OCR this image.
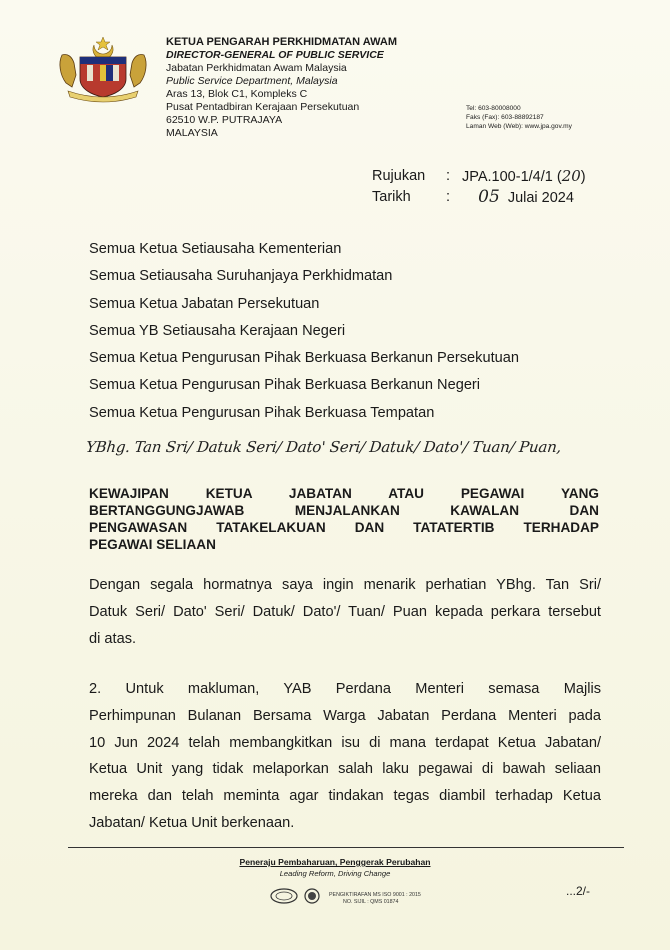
KETUA PENGARAH PERKHIDMATAN AWAM
DIRECTOR-GENERAL OF PUBLIC SERVICE
Jabatan Perkhidmatan Awam Malaysia
Public Service Department, Malaysia
Aras 13, Blok C1, Kompleks C
Pusat Pentadbiran Kerajaan Persekutuan
62510 W.P. PUTRAJAYA
MALAYSIA
Tel: 603-80008000
Faks (Fax): 603-88892187
Laman Web (Web): www.jpa.gov.my
Rujukan	: JPA.100-1/4/1 (20)
Tarikh	:	05 Julai 2024
Semua Ketua Setiausaha Kementerian
Semua Setiausaha Suruhanjaya Perkhidmatan
Semua Ketua Jabatan Persekutuan
Semua YB Setiausaha Kerajaan Negeri
Semua Ketua Pengurusan Pihak Berkuasa Berkanun Persekutuan
Semua Ketua Pengurusan Pihak Berkuasa Berkanun Negeri
Semua Ketua Pengurusan Pihak Berkuasa Tempatan
YBhg. Tan Sri/ Datuk Seri/ Dato' Seri/ Datuk/ Dato'/ Tuan/ Puan,
KEWAJIPAN KETUA JABATAN ATAU PEGAWAI YANG
BERTANGGUNGJAWAB MENJALANKAN KAWALAN DAN
PENGAWASAN TATAKELAKUAN DAN TATATERTIB TERHADAP
PEGAWAI SELIAAN
Dengan segala hormatnya saya ingin menarik perhatian YBhg. Tan Sri/
Datuk Seri/ Dato' Seri/ Datuk/ Dato'/ Tuan/ Puan kepada perkara tersebut
di atas.
2. Untuk makluman, YAB Perdana Menteri semasa Majlis
Perhimpunan Bulanan Bersama Warga Jabatan Perdana Menteri pada
10 Jun 2024 telah membangkitkan isu di mana terdapat Ketua Jabatan/
Ketua Unit yang tidak melaporkan salah laku pegawai di bawah seliaan
mereka dan telah meminta agar tindakan tegas diambil terhadap Ketua
Jabatan/ Ketua Unit berkenaan.
Peneraju Pembaharuan, Penggerak Perubahan
Leading Reform, Driving Change
PENGIKTIRAFAN MS ISO 9001 : 2015
NO. SIJIL : QMS 01874
...2/-
